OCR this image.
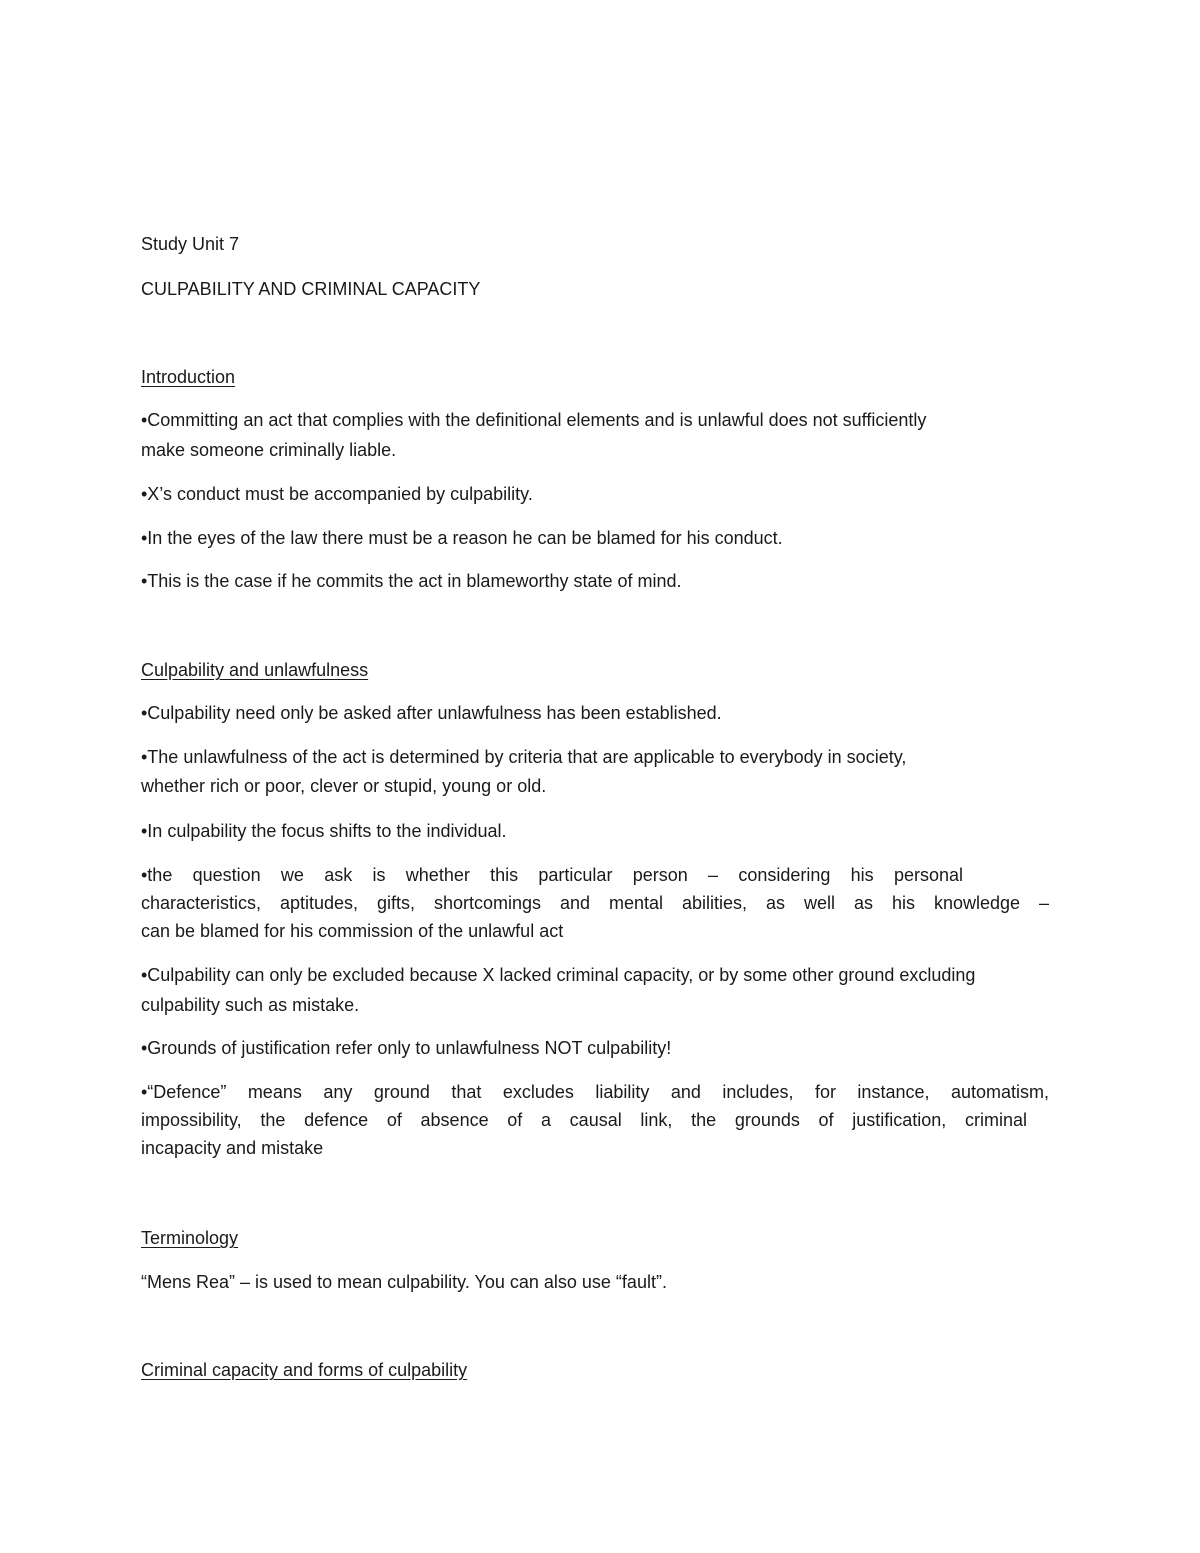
Study Unit 7
CULPABILITY AND CRIMINAL CAPACITY
Introduction
•Committing an act that complies with the definitional elements and is unlawful does not sufficiently
make someone criminally liable.
•X’s conduct must be accompanied by culpability.
•In the eyes of the law there must be a reason he can be blamed for his conduct.
•This is the case if he commits the act in blameworthy state of mind.
Culpability and unlawfulness
•Culpability need only be asked after unlawfulness has been established.
•The unlawfulness of the act is determined by criteria that are applicable to everybody in society,
whether rich or poor, clever or stupid, young or old.
•In culpability the focus shifts to the individual.
•the question we ask is whether this particular person – considering his personal
characteristics, aptitudes, gifts, shortcomings and mental abilities, as well as his knowledge –
can be blamed for his commission of the unlawful act
•Culpability can only be excluded because X lacked criminal capacity, or by some other ground excluding
culpability such as mistake.
•Grounds of justification refer only to unlawfulness NOT culpability!
•“Defence” means any ground that excludes liability and includes, for instance, automatism,
impossibility, the defence of absence of a causal link, the grounds of justification, criminal
incapacity and mistake
Terminology
“Mens Rea” – is used to mean culpability. You can also use “fault”.
Criminal capacity and forms of culpability
